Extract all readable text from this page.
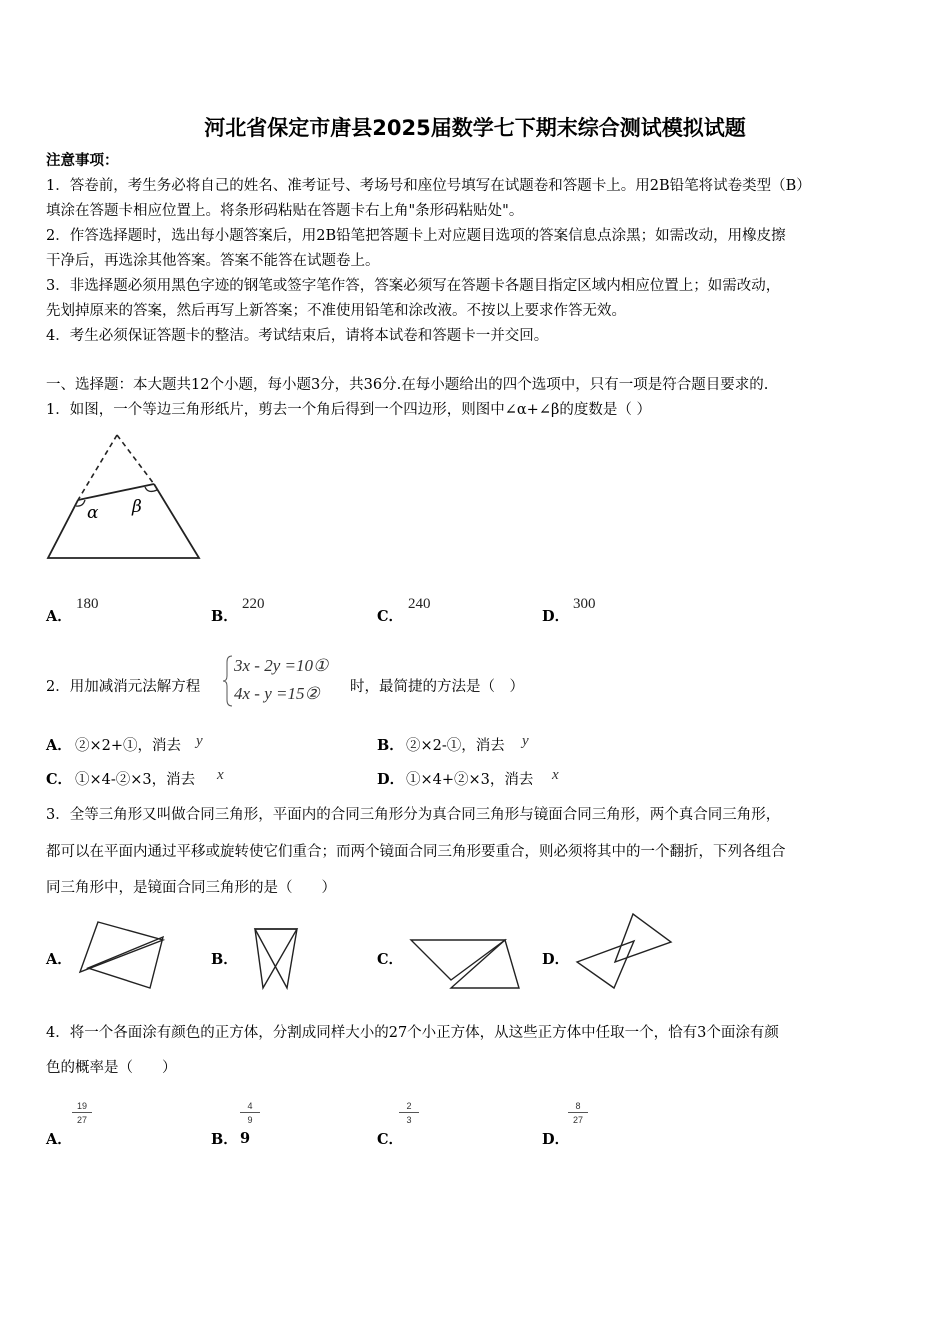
河北省保定市唐县2025届数学七下期末综合测试模拟试题
注意事项：
1．答卷前，考生务必将自己的姓名、准考证号、考场号和座位号填写在试题卷和答题卡上。用2B铅笔将试卷类型（B）
填涂在答题卡相应位置上。将条形码粘贴在答题卡右上角"条形码粘贴处"。
2．作答选择题时，选出每小题答案后，用2B铅笔把答题卡上对应题目选项的答案信息点涂黑；如需改动，用橡皮擦
干净后，再选涂其他答案。答案不能答在试题卷上。
3．非选择题必须用黑色字迹的钢笔或签字笔作答，答案必须写在答题卡各题目指定区域内相应位置上；如需改动，
先划掉原来的答案，然后再写上新答案；不准使用铅笔和涂改液。不按以上要求作答无效。
4．考生必须保证答题卡的整洁。考试结束后，请将本试卷和答题卡一并交回。
一、选择题：本大题共12个小题，每小题3分，共36分.在每小题给出的四个选项中，只有一项是符合题目要求的.
1．如图，一个等边三角形纸片，剪去一个角后得到一个四边形，则图中∠α+∠β的度数是（ ）
α β
A．
180
B．
220
C．
240
D．
300
2．用加减消元法解方程
3x - 2y =10①
4x - y =15② 时，最简捷的方法是（　）
A． ②×2+①，消去 y	B． ②×2-①，消去 y
C． ①×4-②×3，消去 x	D． ①×4+②×3，消去 x
3．全等三角形又叫做合同三角形，平面内的合同三角形分为真合同三角形与镜面合同三角形，两个真合同三角形，
都可以在平面内通过平移或旋转使它们重合；而两个镜面合同三角形要重合，则必须将其中的一个翻折，下列各组合
同三角形中，是镜面合同三角形的是（　　）
A．	B．	C．	D．
4．将一个各面涂有颜色的正方体，分割成同样大小的27个小正方体，从这些正方体中任取一个，恰有3个面涂有颜
色的概率是（　　）
A．
$\frac{19}{27}$
B．
$\frac{4}{9}$
9	C．
$\frac{2}{3}$
D．
$\frac{8}{27}$
